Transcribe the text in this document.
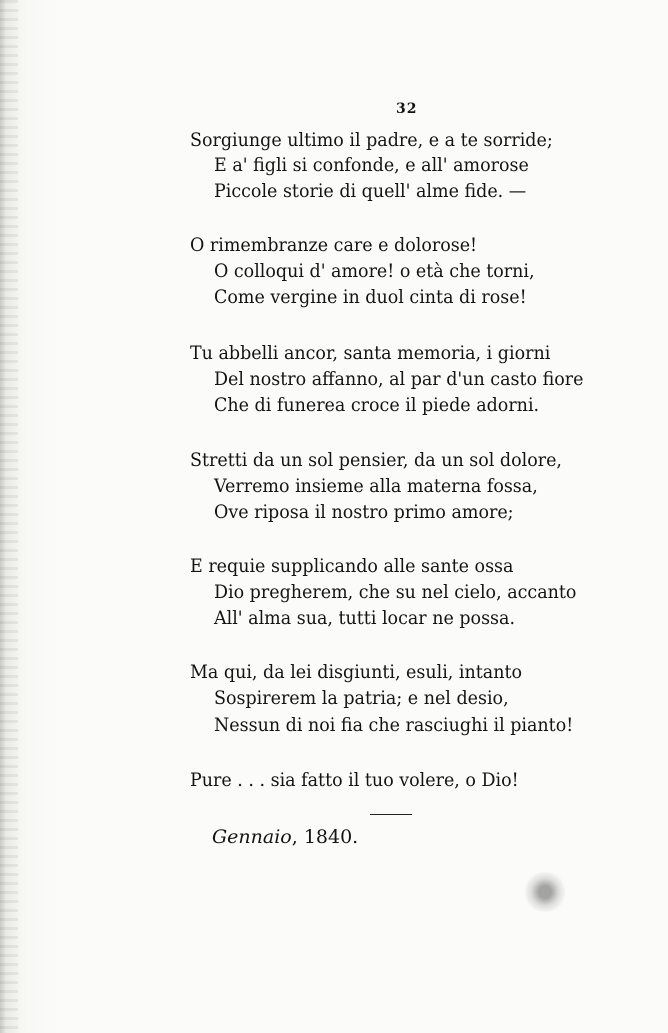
32
Sorgiunge ultimo il padre, e a te sorride;
E a' figli si confonde, e all' amorose
Piccole storie di quell' alme fide. —
O rimembranze care e dolorose!
O colloqui d' amore! o età che torni,
Come vergine in duol cinta di rose!
Tu abbelli ancor, santa memoria, i giorni
Del nostro affanno, al par d'un casto fiore
Che di funerea croce il piede adorni.
Stretti da un sol pensier, da un sol dolore,
Verremo insieme alla materna fossa,
Ove riposa il nostro primo amore;
E requie supplicando alle sante ossa
Dio pregherem, che su nel cielo, accanto
All' alma sua, tutti locar ne possa.
Ma qui, da lei disgiunti, esuli, intanto
Sospirerem la patria; e nel desio,
Nessun di noi fia che rasciughi il pianto!
Pure . . . sia fatto il tuo volere, o Dio!
Gennaio, 1840.
